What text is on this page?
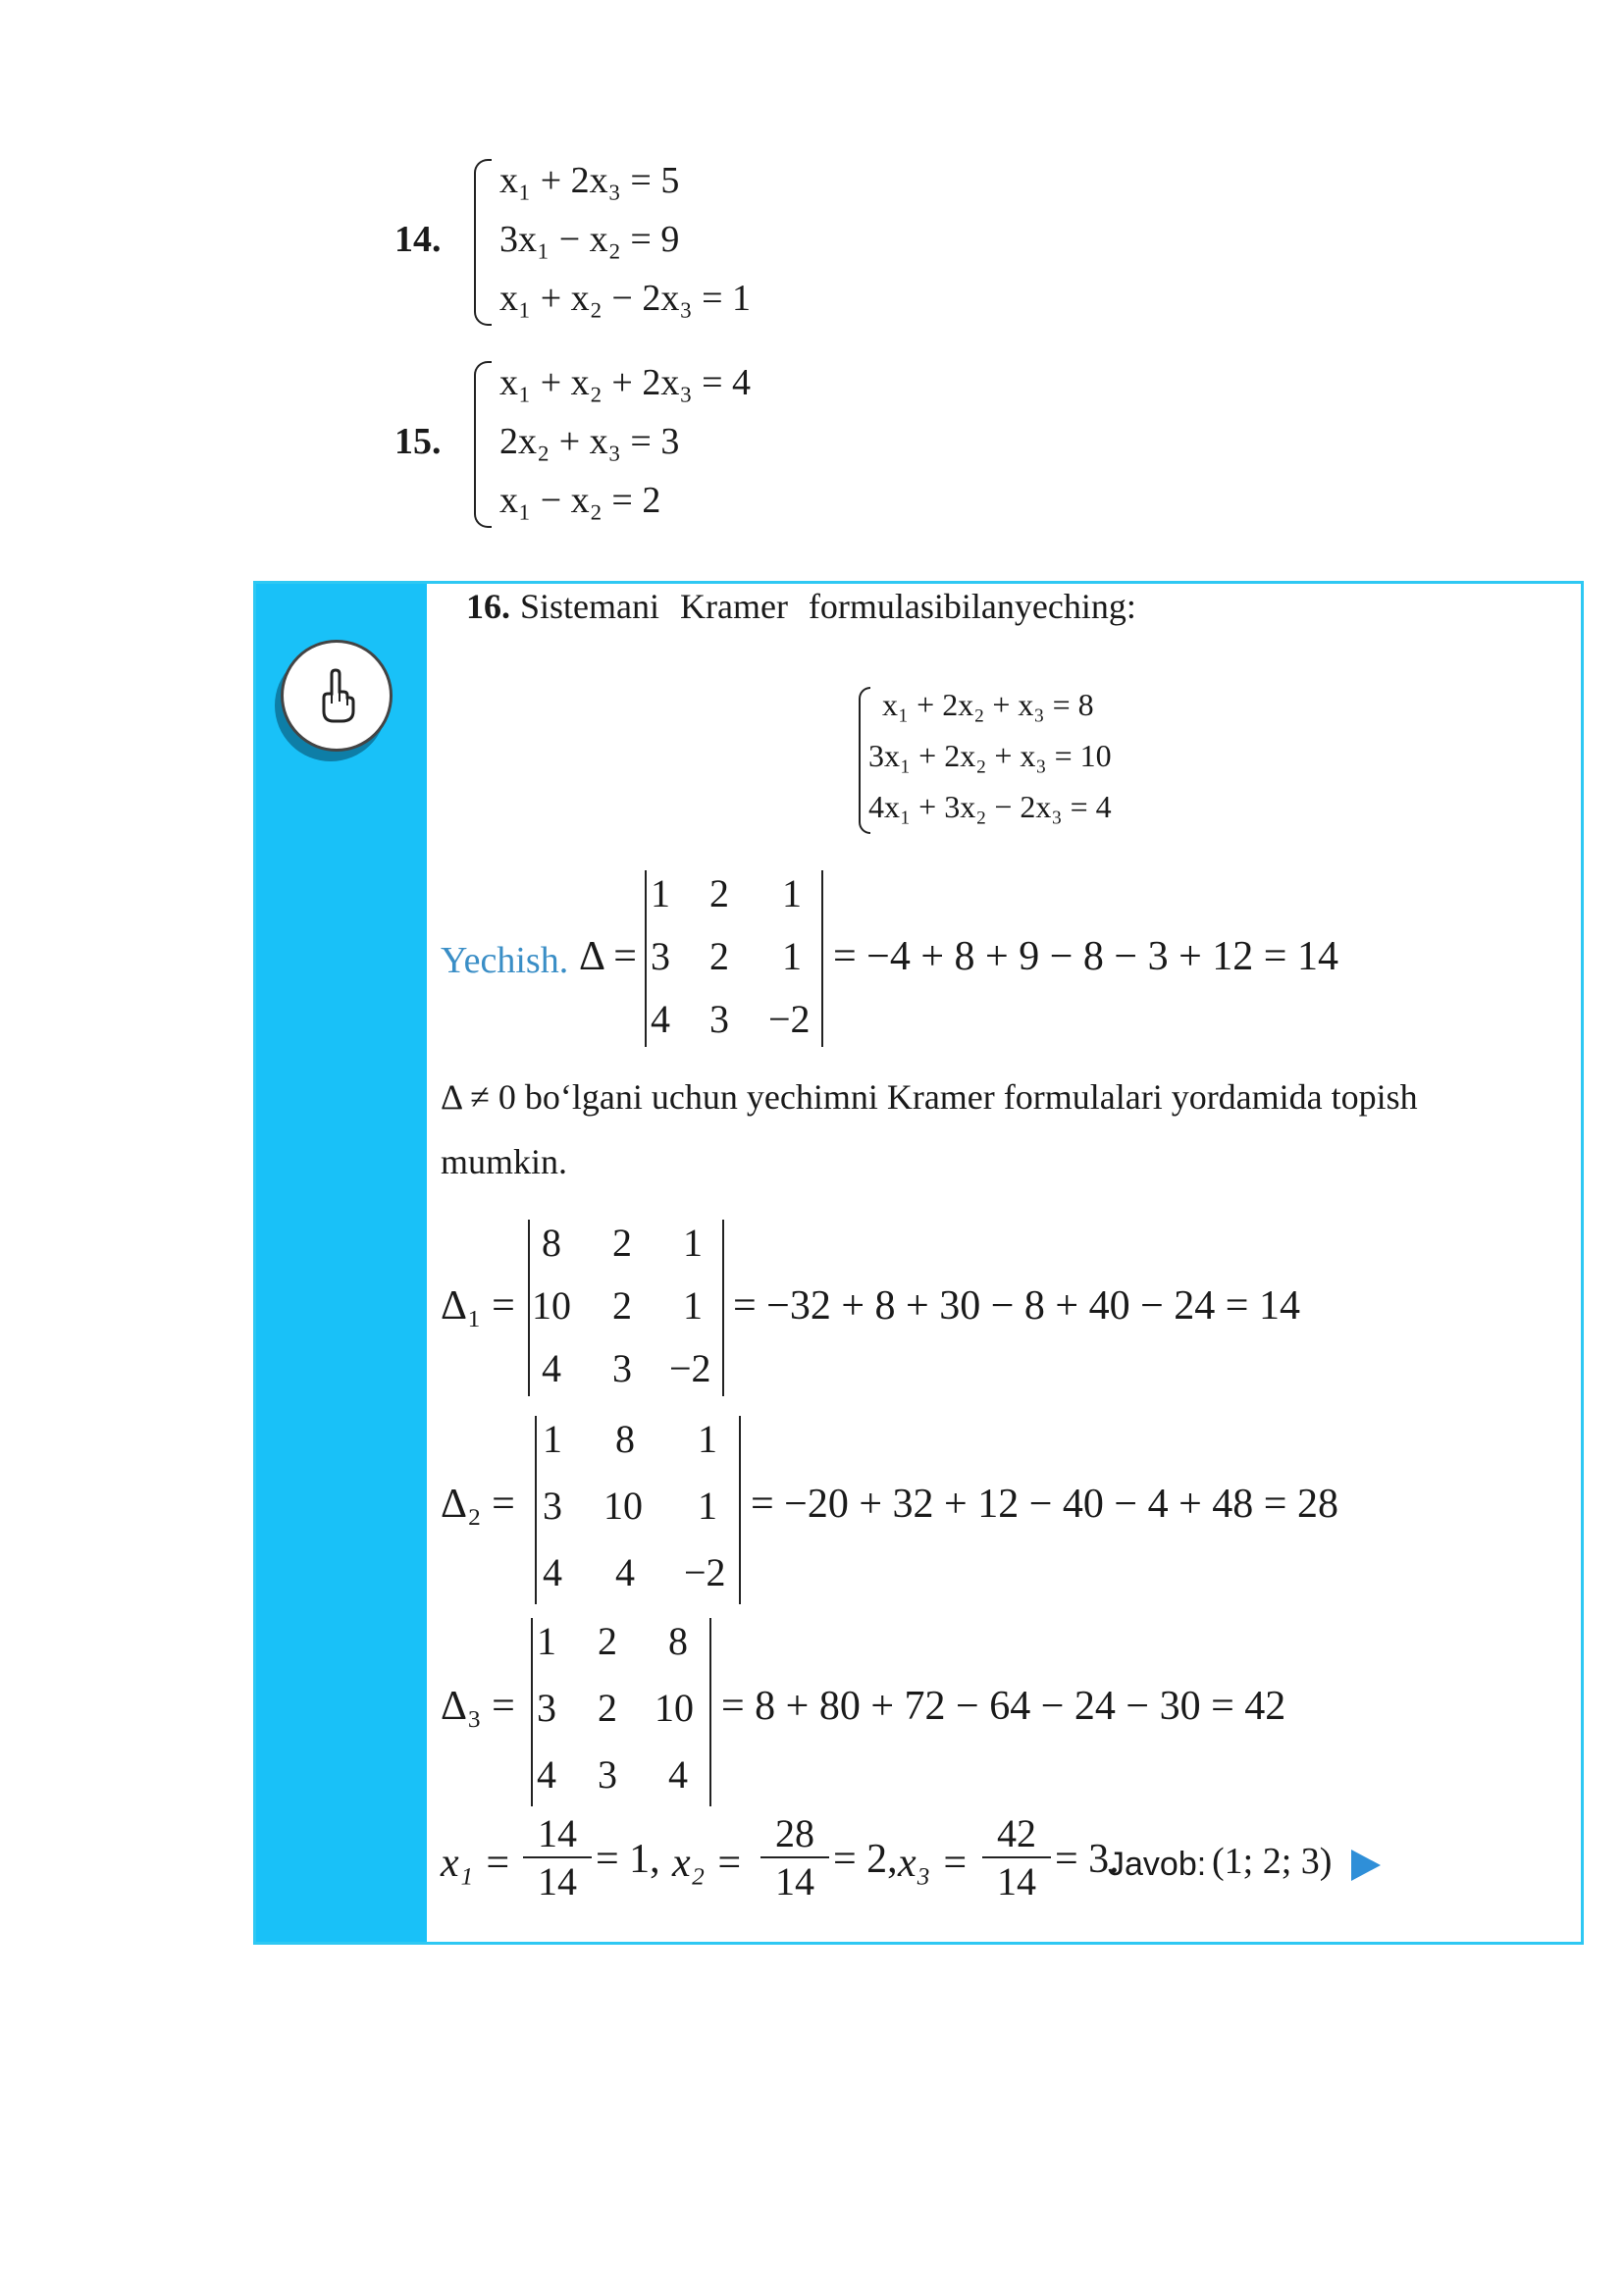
14.
x₁ + 2x₃ = 5
3x₁ − x₂ = 9
x₁ + x₂ − 2x₃ = 1
15.
x₁ + x₂ + 2x₃ = 4
2x₂ + x₃ = 3
x₁ − x₂ = 2
16. Sistemani Kramer formulasibilanyeching:
x₁ + 2x₂ + x₃ = 8
3x₁ + 2x₂ + x₃ = 10
4x₁ + 3x₂ − 2x₃ = 4
Yechish. Δ =
1 2 1
3 2 1
4 3 −2
= −4 + 8 + 9 − 8 − 3 + 12 = 14
Δ ≠ 0 bo‘lgani uchun yechimni Kramer formulalari yordamida topish
mumkin.
Δ₁ =
8 2 1
10 2 1
4 3 −2
= −32 + 8 + 30 − 8 + 40 − 24 = 14
Δ₂ =
1 8 1
3 10 1
4 4 −2
= −20 + 32 + 12 − 40 − 4 + 48 = 28
Δ₃ =
1 2 8
3 2 10
4 3 4
= 8 + 80 + 72 − 64 − 24 − 30 = 42
$x_1 = \frac{14}{14} = 1$, $x_2 = \frac{28}{14} = 2$, $x_3 = \frac{42}{14} = 3$.
Javob: (1; 2; 3)
